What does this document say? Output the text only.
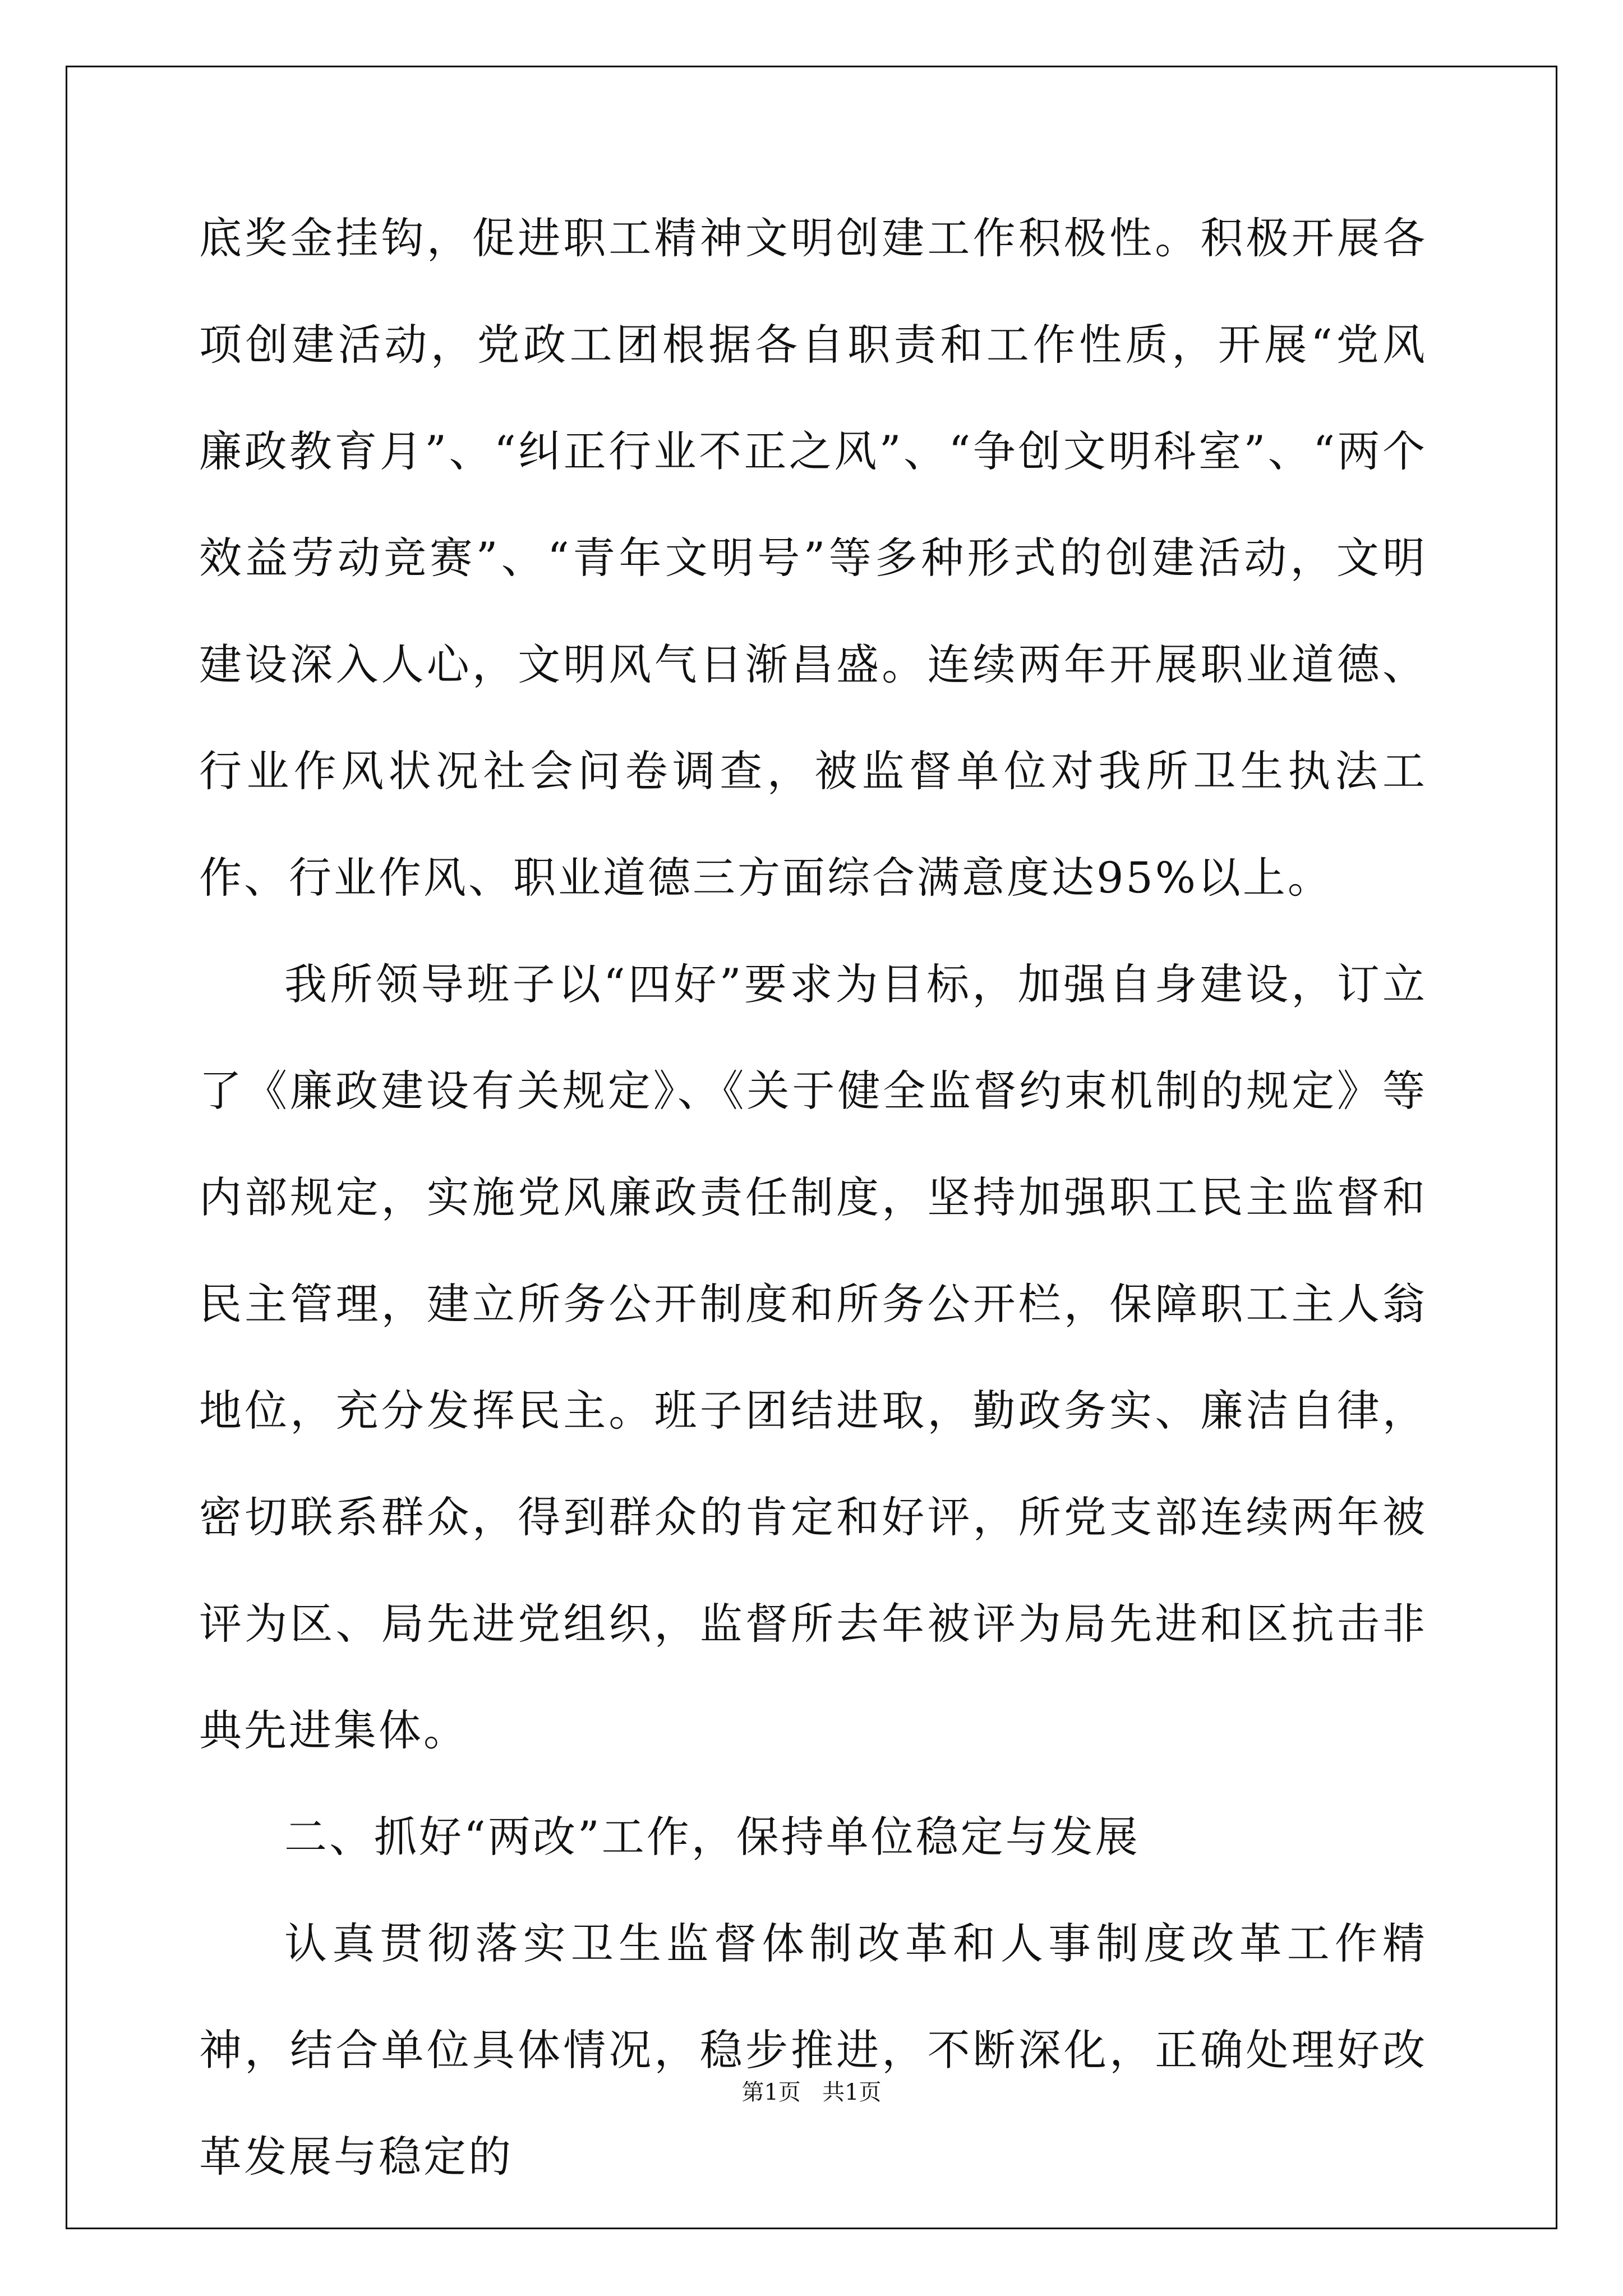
底奖金挂钩，促进职工精神文明创建工作积极性。积极开展各项创建活动，党政工团根据各自职责和工作性质，开展“党风廉政教育月”、“纠正行业不正之风”、“争创文明科室”、“两个效益劳动竞赛”、“青年文明号”等多种形式的创建活动，文明建设深入人心，文明风气日渐昌盛。连续两年开展职业道德、行业作风状况社会问卷调查，被监督单位对我所卫生执法工作、行业作风、职业道德三方面综合满意度达95%以上。

我所领导班子以“四好”要求为目标，加强自身建设，订立了《廉政建设有关规定》、《关于健全监督约束机制的规定》等内部规定，实施党风廉政责任制度，坚持加强职工民主监督和民主管理，建立所务公开制度和所务公开栏，保障职工主人翁地位，充分发挥民主。班子团结进取，勤政务实、廉洁自律，密切联系群众，得到群众的肯定和好评，所党支部连续两年被评为区、局先进党组织，监督所去年被评为局先进和区抗击非典先进集体。

二、抓好“两改”工作，保持单位稳定与发展

认真贯彻落实卫生监督体制改革和人事制度改革工作精神，结合单位具体情况，稳步推进，不断深化，正确处理好改革发展与稳定的

第1页 共1页
